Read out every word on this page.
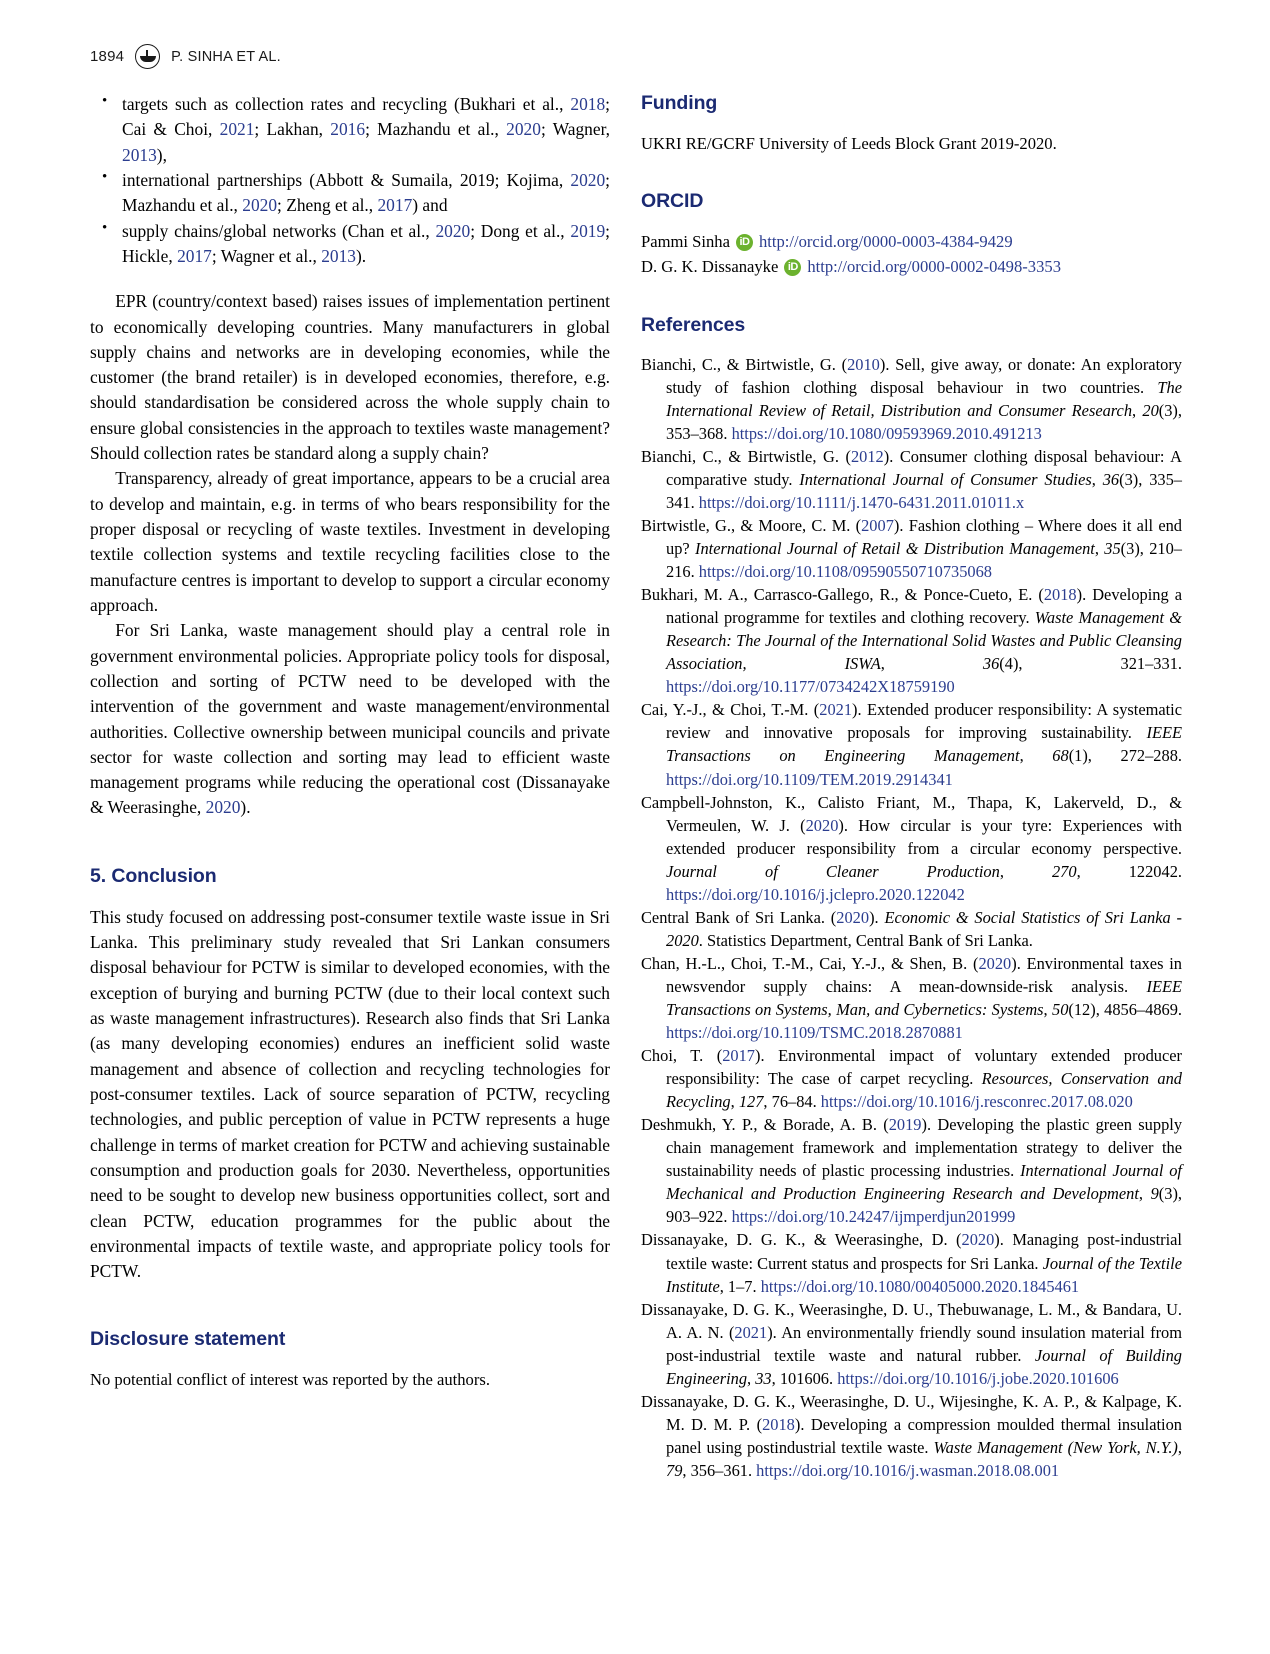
1894	P. SINHA ET AL.
• targets such as collection rates and recycling (Bukhari et al., 2018; Cai & Choi, 2021; Lakhan, 2016; Mazhandu et al., 2020; Wagner, 2013),
• international partnerships (Abbott & Sumaila, 2019; Kojima, 2020; Mazhandu et al., 2020; Zheng et al., 2017) and
• supply chains/global networks (Chan et al., 2020; Dong et al., 2019; Hickle, 2017; Wagner et al., 2013).

EPR (country/context based) raises issues of implementation pertinent to economically developing countries. Many manufacturers in global supply chains and networks are in developing economies, while the customer (the brand retailer) is in developed economies, therefore, e.g. should standardisation be considered across the whole supply chain to ensure global consistencies in the approach to textiles waste management? Should collection rates be standard along a supply chain?

Transparency, already of great importance, appears to be a crucial area to develop and maintain, e.g. in terms of who bears responsibility for the proper disposal or recycling of waste textiles. Investment in developing textile collection systems and textile recycling facilities close to the manufacture centres is important to develop to support a circular economy approach.

For Sri Lanka, waste management should play a central role in government environmental policies. Appropriate policy tools for disposal, collection and sorting of PCTW need to be developed with the intervention of the government and waste management/environmental authorities. Collective ownership between municipal councils and private sector for waste collection and sorting may lead to efficient waste management programs while reducing the operational cost (Dissanayake & Weerasinghe, 2020).

5. Conclusion

This study focused on addressing post-consumer textile waste issue in Sri Lanka. This preliminary study revealed that Sri Lankan consumers disposal behaviour for PCTW is similar to developed economies, with the exception of burying and burning PCTW (due to their local context such as waste management infrastructures). Research also finds that Sri Lanka (as many developing economies) endures an inefficient solid waste management and absence of collection and recycling technologies for post-consumer textiles. Lack of source separation of PCTW, recycling technologies, and public perception of value in PCTW represents a huge challenge in terms of market creation for PCTW and achieving sustainable consumption and production goals for 2030. Nevertheless, opportunities need to be sought to develop new business opportunities collect, sort and clean PCTW, education programmes for the public about the environmental impacts of textile waste, and appropriate policy tools for PCTW.

Disclosure statement

No potential conflict of interest was reported by the authors.

Funding

UKRI RE/GCRF University of Leeds Block Grant 2019-2020.

ORCID
Pammi Sinha iD http://orcid.org/0000-0003-4384-9429
D. G. K. Dissanayke iD http://orcid.org/0000-0002-0498-3353
References
Bianchi, C., & Birtwistle, G. (2010). Sell, give away, or donate: An exploratory study of fashion clothing disposal behaviour in two countries. The International Review of Retail, Distribution and Consumer Research, 20(3), 353–368. https://doi.org/10.1080/09593969.2010.491213
Bianchi, C., & Birtwistle, G. (2012). Consumer clothing disposal behaviour: A comparative study. International Journal of Consumer Studies, 36(3), 335–341. https://doi.org/10.1111/j.1470-6431.2011.01011.x
Birtwistle, G., & Moore, C. M. (2007). Fashion clothing – Where does it all end up? International Journal of Retail & Distribution Management, 35(3), 210–216. https://doi.org/10.1108/09590550710735068
Bukhari, M. A., Carrasco-Gallego, R., & Ponce-Cueto, E. (2018). Developing a national programme for textiles and clothing recovery. Waste Management & Research: The Journal of the International Solid Wastes and Public Cleansing Association, ISWA, 36(4), 321–331. https://doi.org/10.1177/0734242X18759190
Cai, Y.-J., & Choi, T.-M. (2021). Extended producer responsibility: A systematic review and innovative proposals for improving sustainability. IEEE Transactions on Engineering Management, 68(1), 272–288. https://doi.org/10.1109/TEM.2019.2914341
Campbell-Johnston, K., Calisto Friant, M., Thapa, K, Lakerveld, D., & Vermeulen, W. J. (2020). How circular is your tyre: Experiences with extended producer responsibility from a circular economy perspective. Journal of Cleaner Production, 270, 122042. https://doi.org/10.1016/j.jclepro.2020.122042
Central Bank of Sri Lanka. (2020). Economic & Social Statistics of Sri Lanka - 2020. Statistics Department, Central Bank of Sri Lanka.
Chan, H.-L., Choi, T.-M., Cai, Y.-J., & Shen, B. (2020). Environmental taxes in newsvendor supply chains: A mean-downside-risk analysis. IEEE Transactions on Systems, Man, and Cybernetics: Systems, 50(12), 4856–4869. https://doi.org/10.1109/TSMC.2018.2870881
Choi, T. (2017). Environmental impact of voluntary extended producer responsibility: The case of carpet recycling. Resources, Conservation and Recycling, 127, 76–84. https://doi.org/10.1016/j.resconrec.2017.08.020
Deshmukh, Y. P., & Borade, A. B. (2019). Developing the plastic green supply chain management framework and implementation strategy to deliver the sustainability needs of plastic processing industries. International Journal of Mechanical and Production Engineering Research and Development, 9(3), 903–922. https://doi.org/10.24247/ijmperdjun201999
Dissanayake, D. G. K., & Weerasinghe, D. (2020). Managing post-industrial textile waste: Current status and prospects for Sri Lanka. Journal of the Textile Institute, 1–7. https://doi.org/10.1080/00405000.2020.1845461
Dissanayake, D. G. K., Weerasinghe, D. U., Thebuwanage, L. M., & Bandara, U. A. A. N. (2021). An environmentally friendly sound insulation material from post-industrial textile waste and natural rubber. Journal of Building Engineering, 33, 101606. https://doi.org/10.1016/j.jobe.2020.101606
Dissanayake, D. G. K., Weerasinghe, D. U., Wijesinghe, K. A. P., & Kalpage, K. M. D. M. P. (2018). Developing a compression moulded thermal insulation panel using postindustrial textile waste. Waste Management (New York, N.Y.), 79, 356–361. https://doi.org/10.1016/j.wasman.2018.08.001
